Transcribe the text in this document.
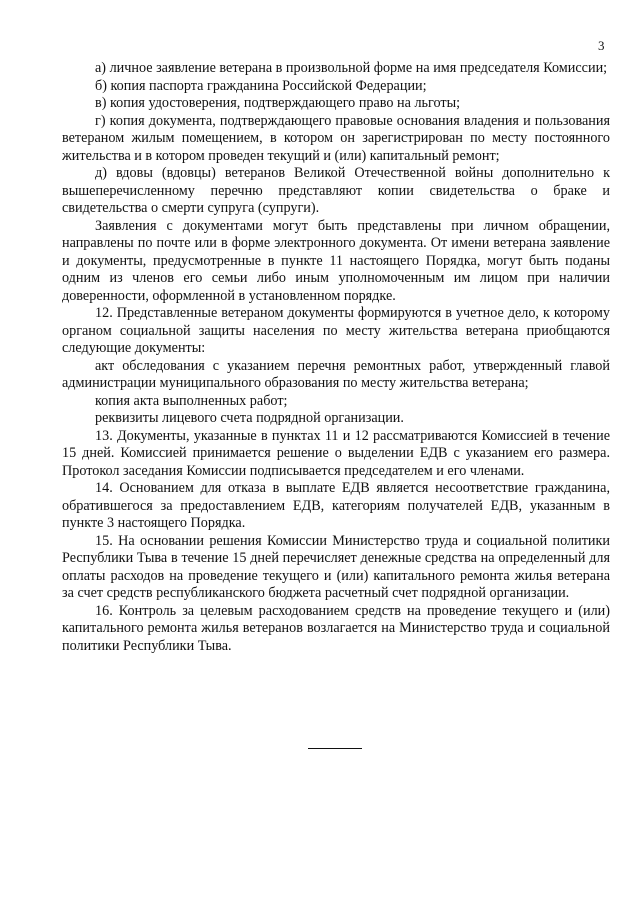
3

а) личное заявление ветерана в произвольной форме на имя председателя Комиссии;

б) копия паспорта гражданина Российской Федерации;

в) копия удостоверения, подтверждающего право на льготы;

г) копия документа, подтверждающего правовые основания владения и пользования ветераном жилым помещением, в котором он зарегистрирован по месту постоянного жительства и в котором проведен текущий и (или) капитальный ремонт;

д) вдовы (вдовцы) ветеранов Великой Отечественной войны дополнительно к вышеперечисленному перечню представляют копии свидетельства о браке и свидетельства о смерти супруга (супруги).

Заявления с документами могут быть представлены при личном обращении, направлены по почте или в форме электронного документа. От имени ветерана заявление и документы, предусмотренные в пункте 11 настоящего Порядка, могут быть поданы одним из членов его семьи либо иным уполномоченным им лицом при наличии доверенности, оформленной в установленном порядке.

12. Представленные ветераном документы формируются в учетное дело, к которому органом социальной защиты населения по месту жительства ветерана приобщаются следующие документы:

акт обследования с указанием перечня ремонтных работ, утвержденный главой администрации муниципального образования по месту жительства ветерана;

копия акта выполненных работ;

реквизиты лицевого счета подрядной организации.

13. Документы, указанные в пунктах 11 и 12 рассматриваются Комиссией в течение 15 дней. Комиссией принимается решение о выделении ЕДВ с указанием его размера. Протокол заседания Комиссии подписывается председателем и его членами.

14. Основанием для отказа в выплате ЕДВ является несоответствие гражданина, обратившегося за предоставлением ЕДВ, категориям получателей ЕДВ, указанным в пункте 3 настоящего Порядка.

15. На основании решения Комиссии Министерство труда и социальной политики Республики Тыва в течение 15 дней перечисляет денежные средства на определенный для оплаты расходов на проведение текущего и (или) капитального ремонта жилья ветерана за счет средств республиканского бюджета расчетный счет подрядной организации.

16. Контроль за целевым расходованием средств на проведение текущего и (или) капитального ремонта жилья ветеранов возлагается на Министерство труда и социальной политики Республики Тыва.
